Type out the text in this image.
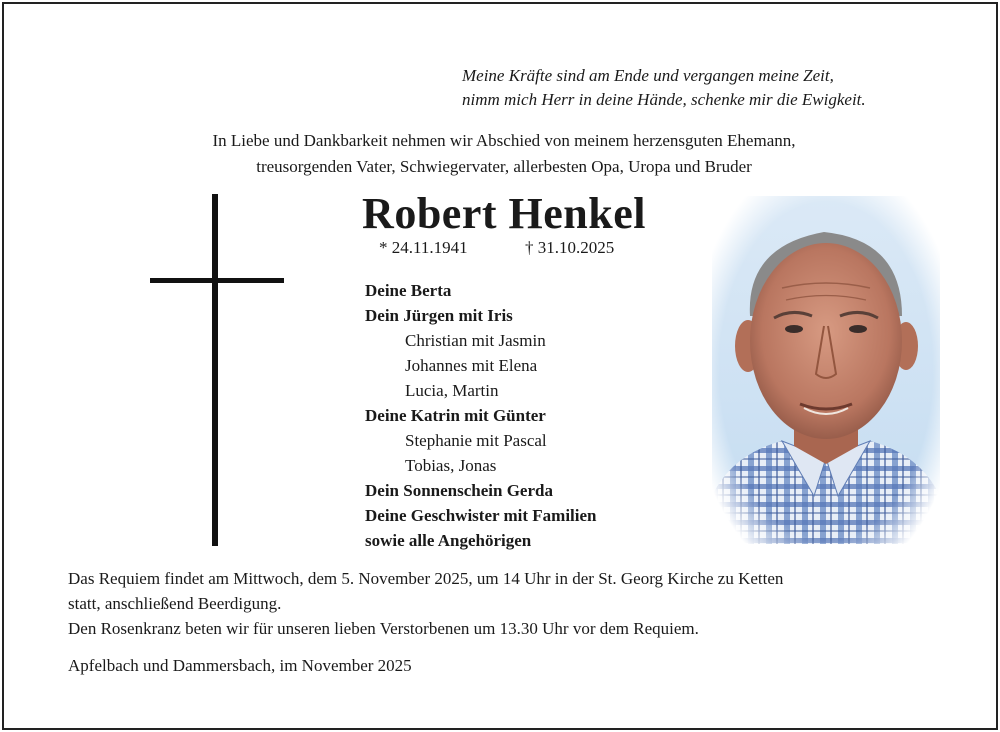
Meine Kräfte sind am Ende und vergangen meine Zeit,
nimm mich Herr in deine Hände, schenke mir die Ewigkeit.
In Liebe und Dankbarkeit nehmen wir Abschied von meinem herzensguten Ehemann,
treusorgenden Vater, Schwiegervater, allerbesten Opa, Uropa und Bruder
Robert Henkel
* 24.11.1941	† 31.10.2025
Deine Berta
Dein Jürgen mit Iris
Christian mit Jasmin
Johannes mit Elena
Lucia, Martin
Deine Katrin mit Günter
Stephanie mit Pascal
Tobias, Jonas
Dein Sonnenschein Gerda
Deine Geschwister mit Familien
sowie alle Angehörigen
Das Requiem findet am Mittwoch, dem 5. November 2025, um 14 Uhr in der St. Georg Kirche zu Ketten
statt, anschließend Beerdigung.
Den Rosenkranz beten wir für unseren lieben Verstorbenen um 13.30 Uhr vor dem Requiem.
Apfelbach und Dammersbach, im November 2025
